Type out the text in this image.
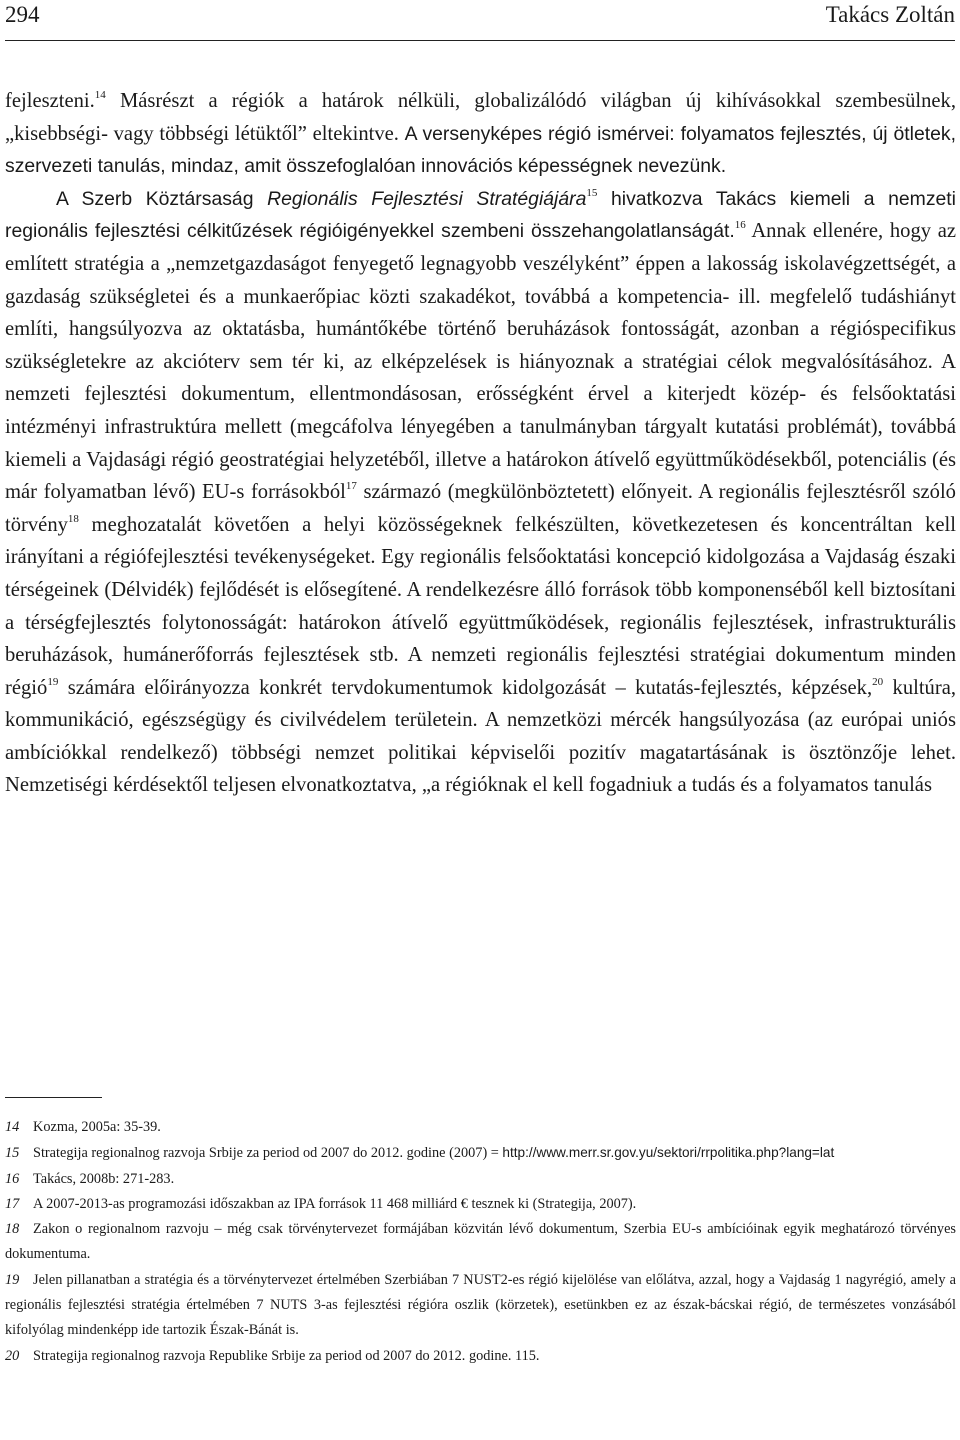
294	Takács Zoltán

fejleszteni.$^{14}$ Másrészt a régiók a határok nélküli, globalizálódó világban új kihívásokkal szembesülnek, „kisebbségi- vagy többségi létüktől” eltekintve. A versenyképes régió ismérvei: folyamatos fejlesztés, új ötletek, szervezeti tanulás, mindaz, amit összefoglalóan innovációs képességnek nevezünk.

A Szerb Köztársaság Regionális Fejlesztési Stratégiájára$^{15}$ hivatkozva Takács kiemeli a nemzeti regionális fejlesztési célkitűzések régióigényekkel szembeni összehangolatlanságát.$^{16}$ Annak ellenére, hogy az említett stratégia a „nemzetgazdaságot fenyegető legnagyobb veszélyként” éppen a lakosság iskolavégzettségét, a gazdaság szükségletei és a munkaerőpiac közti szakadékot, továbbá a kompetencia- ill. megfelelő tudáshiányt említi, hangsúlyozva az oktatásba, humántőkébe történő beruházások fontosságát, azonban a régióspecifikus szükségletekre az akcióterv sem tér ki, az elképzelések is hiányoznak a stratégiai célok megvalósításához. A nemzeti fejlesztési dokumentum, ellentmondásosan, erősségként érvel a kiterjedt közép- és felsőoktatási intézményi infrastruktúra mellett (megcáfolva lényegében a tanulmányban tárgyalt kutatási problémát), továbbá kiemeli a Vajdasági régió geostratégiai helyzetéből, illetve a határokon átívelő együttműködésekből, potenciális (és már folyamatban lévő) EU-s forrásokból$^{17}$ származó (megkülönböztetett) előnyeit. A regionális fejlesztésről szóló törvény$^{18}$ meghozatalát követően a helyi közösségeknek felkészülten, következetesen és koncentráltan kell irányítani a régiófejlesztési tevékenységeket. Egy regionális felsőoktatási koncepció kidolgozása a Vajdaság északi térségeinek (Délvidék) fejlődését is elősegítené. A rendelkezésre álló források több komponenséből kell biztosítani a térségfejlesztés folytonosságát: határokon átívelő együttműködések, regionális fejlesztések, infrastrukturális beruházások, humánerőforrás fejlesztések stb. A nemzeti regionális fejlesztési stratégiai dokumentum minden régió$^{19}$ számára előirányozza konkrét tervdokumentumok kidolgozását – kutatás-fejlesztés, képzések,$^{20}$ kultúra, kommunikáció, egészségügy és civilvédelem területein. A nemzetközi mércék hangsúlyozása (az európai uniós ambíciókkal rendelkező) többségi nemzet politikai képviselői pozitív magatartásának is ösztönzője lehet. Nemzetiségi kérdésektől teljesen elvonatkoztatva, „a régióknak el kell fogadniuk a tudás és a folyamatos tanulás

14 Kozma, 2005a: 35-39.

15 Strategija regionalnog razvoja Srbije za period od 2007 do 2012. godine (2007) = http://www.merr.sr.gov.yu/sektori/rrpolitika.php?lang=lat

16 Takács, 2008b: 271-283.

17 A 2007-2013-as programozási időszakban az IPA források 11 468 milliárd € tesznek ki (Strategija, 2007).

18 Zakon o regionalnom razvoju – még csak törvénytervezet formájában közvitán lévő dokumentum, Szerbia EU-s ambícióinak egyik meghatározó törvényes dokumentuma.

19 Jelen pillanatban a stratégia és a törvénytervezet értelmében Szerbiában 7 NUST2-es régió kijelölése van előlátva, azzal, hogy a Vajdaság 1 nagyrégió, amely a regionális fejlesztési stratégia értelmében 7 NUTS 3-as fejlesztési régióra oszlik (körzetek), esetünkben ez az észak-bácskai régió, de természetes vonzásából kifolyólag mindenképp ide tartozik Észak-Bánát is.

20 Strategija regionalnog razvoja Republike Srbije za period od 2007 do 2012. godine. 115.
